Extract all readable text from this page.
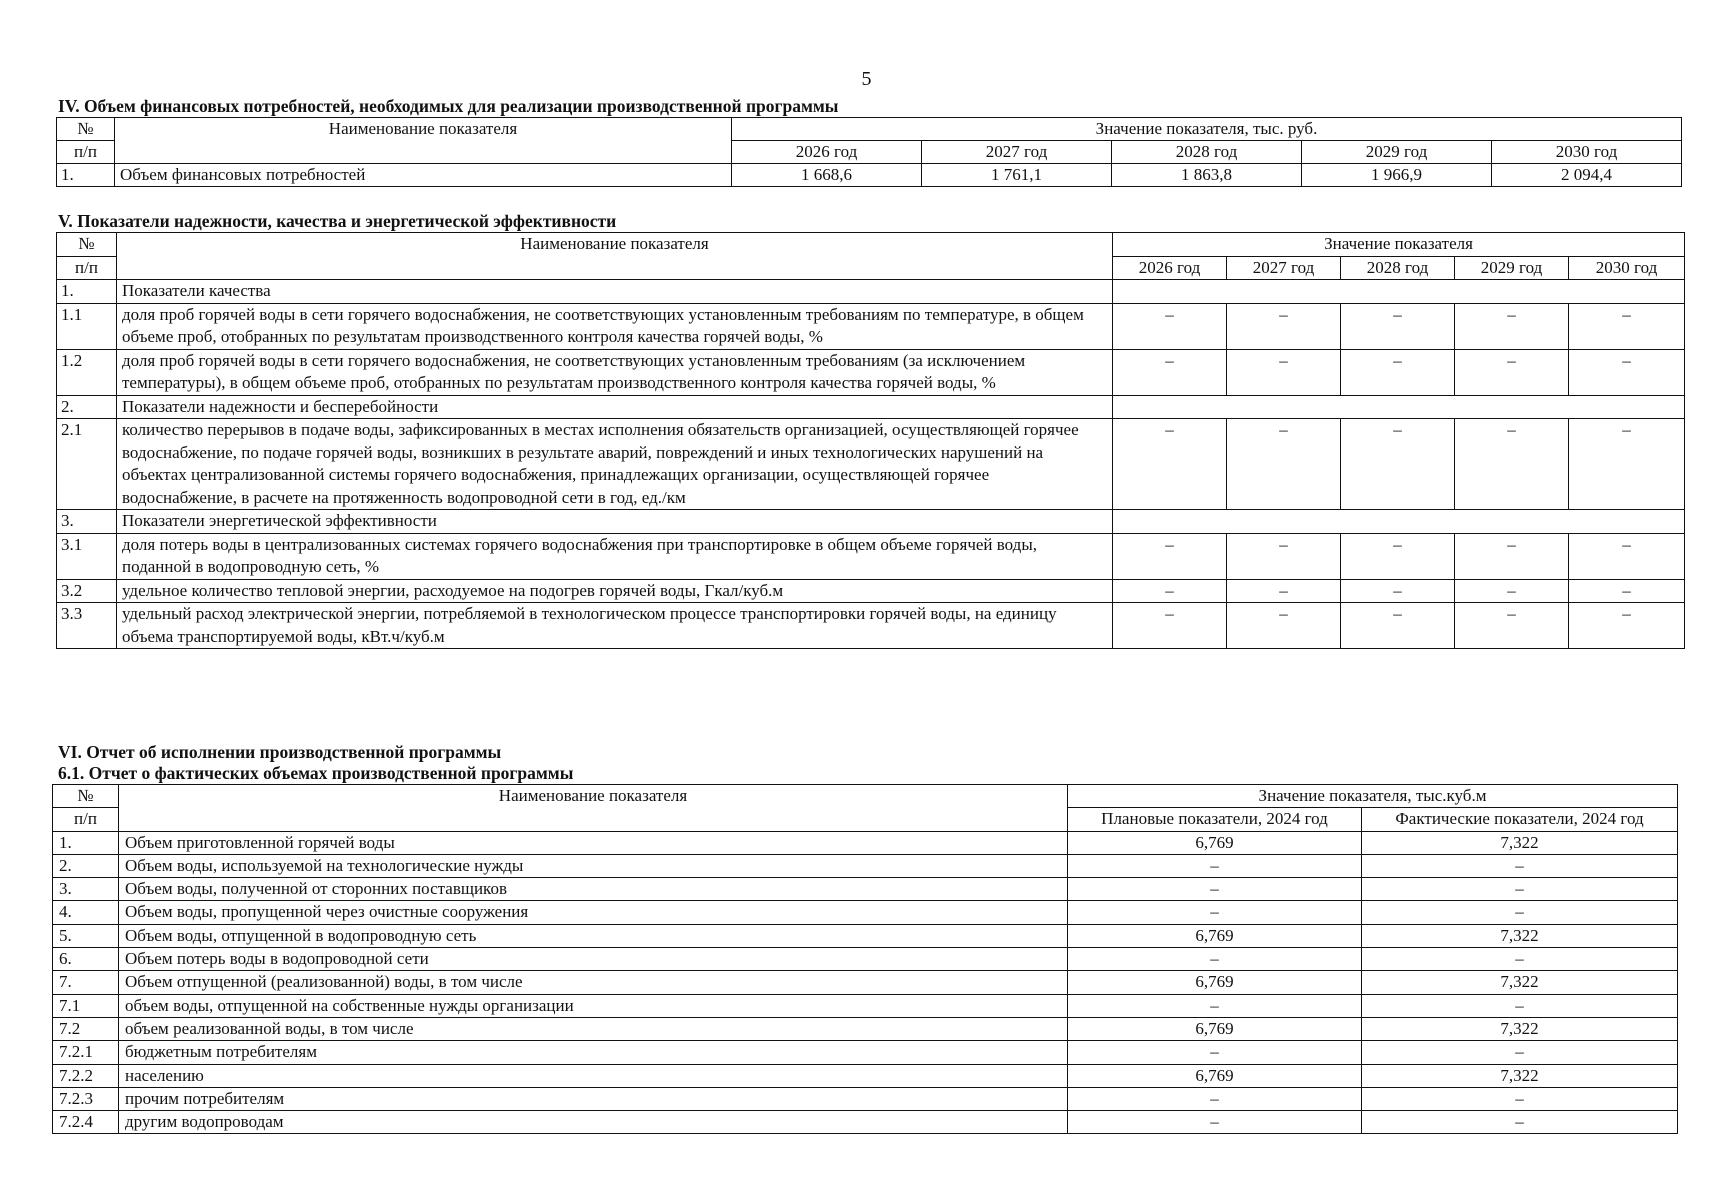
5
IV. Объем финансовых потребностей, необходимых для реализации производственной программы
№	Наименование показателя	Значение показателя, тыс. руб.				
п/п		2026 год	2027 год	2028 год	2029 год	2030 год
1.	Объем финансовых потребностей	1 668,6	1 761,1	1 863,8	1 966,9	2 094,4
V. Показатели надежности, качества и энергетической эффективности
№	Наименование показателя	Значение показателя				
п/п		2026 год	2027 год	2028 год	2029 год	2030 год
1.	Показатели качества					
1.1	доля проб горячей воды в сети горячего водоснабжения, не соответствующих установленным требованиям по температуре, в общем объеме проб, отобранных по результатам производственного контроля качества горячей воды, %	–	–	–	–	–
1.2	доля проб горячей воды в сети горячего водоснабжения, не соответствующих установленным требованиям (за исключением температуры), в общем объеме проб, отобранных по результатам производственного контроля качества горячей воды, %	–	–	–	–	–
2.	Показатели надежности и бесперебойности					
2.1	количество перерывов в подаче воды, зафиксированных в местах исполнения обязательств организацией, осуществляющей горячее водоснабжение, по подаче горячей воды, возникших в результате аварий, повреждений и иных технологических нарушений на объектах централизованной системы горячего водоснабжения, принадлежащих организации, осуществляющей горячее водоснабжение, в расчете на протяженность водопроводной сети в год, ед./км	–	–	–	–	–
3.	Показатели энергетической эффективности					
3.1	доля потерь воды в централизованных системах горячего водоснабжения при транспортировке в общем объеме горячей воды, поданной в водопроводную сеть, %	–	–	–	–	–
3.2	удельное количество тепловой энергии, расходуемое на подогрев горячей воды, Гкал/куб.м	–	–	–	–	–
3.3	удельный расход электрической энергии, потребляемой в технологическом процессе транспортировки горячей воды, на единицу объема транспортируемой воды, кВт.ч/куб.м	–	–	–	–	–
VI. Отчет об исполнении производственной программы
6.1. Отчет о фактических объемах производственной программы
№	Наименование показателя	Значение показателя, тыс.куб.м	
п/п		Плановые показатели, 2024 год	Фактические показатели, 2024 год
1.	Объем приготовленной горячей воды	6,769	7,322
2.	Объем воды, используемой на технологические нужды	–	–
3.	Объем воды, полученной от сторонних поставщиков	–	–
4.	Объем воды, пропущенной через очистные сооружения	–	–
5.	Объем воды, отпущенной в водопроводную сеть	6,769	7,322
6.	Объем потерь воды в водопроводной сети	–	–
7.	Объем отпущенной (реализованной) воды, в том числе	6,769	7,322
7.1	объем воды, отпущенной на собственные нужды организации	–	–
7.2	объем реализованной воды, в том числе	6,769	7,322
7.2.1	бюджетным потребителям	–	–
7.2.2	населению	6,769	7,322
7.2.3	прочим потребителям	–	–
7.2.4	другим водопроводам	–	–
